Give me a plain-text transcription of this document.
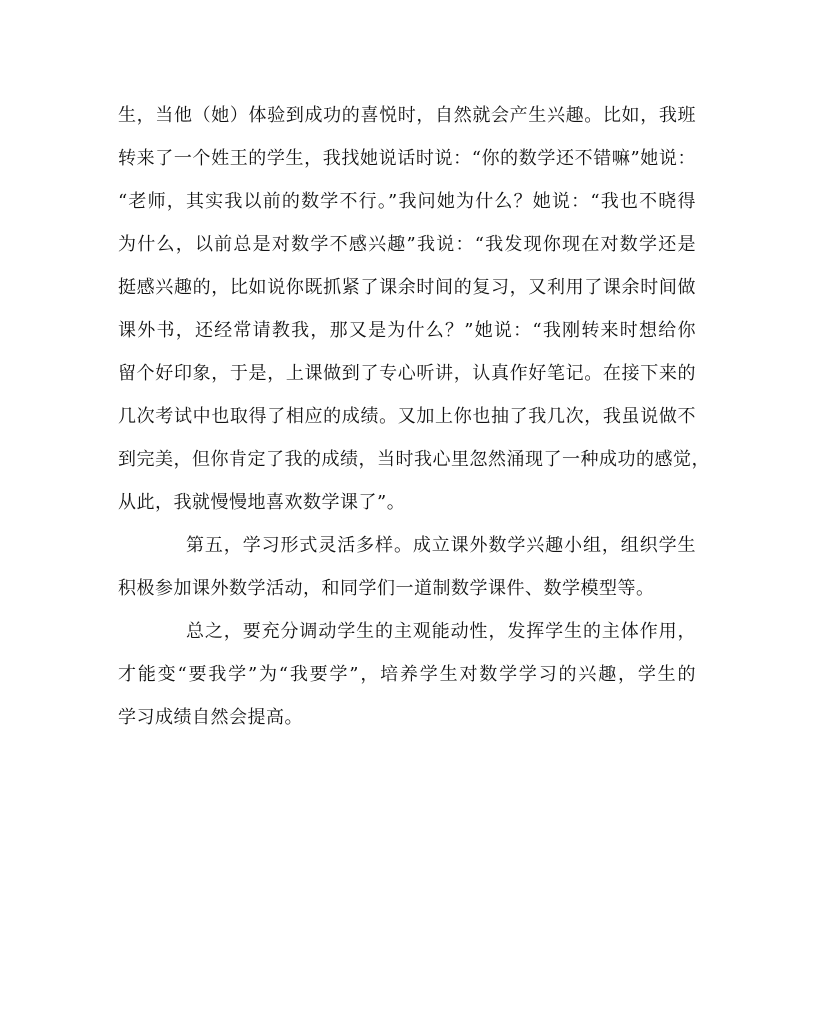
生，当他（她）体验到成功的喜悦时，自然就会产生兴趣。比如，我班
转来了一个姓王的学生，我找她说话时说：“你的数学还不错嘛”她说：
“老师，其实我以前的数学不行。”我问她为什么？她说：“我也不晓得
为什么，以前总是对数学不感兴趣”我说：“我发现你现在对数学还是
挺感兴趣的，比如说你既抓紧了课余时间的复习，又利用了课余时间做
课外书，还经常请教我，那又是为什么？”她说：“我刚转来时想给你
留个好印象，于是，上课做到了专心听讲，认真作好笔记。在接下来的
几次考试中也取得了相应的成绩。又加上你也抽了我几次，我虽说做不
到完美，但你肯定了我的成绩，当时我心里忽然涌现了一种成功的感觉，
从此，我就慢慢地喜欢数学课了”。
第五，学习形式灵活多样。成立课外数学兴趣小组，组织学生
积极参加课外数学活动，和同学们一道制数学课件、数学模型等。
总之，要充分调动学生的主观能动性，发挥学生的主体作用，
才能变“要我学”为“我要学”，培养学生对数学学习的兴趣，学生的
学习成绩自然会提高。
